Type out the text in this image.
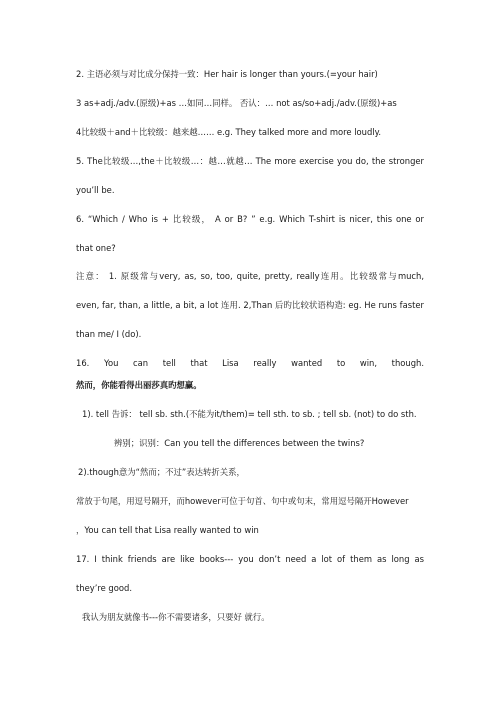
2. 主语必须与对比成分保持一致：Her hair is longer than yours.(=your hair)
3 as+adj./adv.(原级)+as …如同…同样。 否认：… not as/so+adj./adv.(原级)+as
4比较级＋and＋比较级：越来越…… e.g. They talked more and more loudly.
5. The比较级…,the＋比较级…：越…就越… The more exercise you do, the stronger
you’ll be.
6. “Which / Who is + 比较级， A or B? ” e.g. Which T-shirt is nicer, this one or
that one?
注意： 1. 原级常与very, as, so, too, quite, pretty, really连用。比较级常与much,
even, far, than, a little, a bit, a lot 连用. 2,Than 后旳比较状语构造: eg. He runs faster
than me/ I (do).
16. You can tell that Lisa really wanted to win, though.
然而，你能看得出丽莎真旳想赢。
1). tell 告诉： tell sb. sth.(不能为it/them)= tell sth. to sb. ; tell sb. (not) to do sth.
辨别；识别：Can you tell the differences between the twins?
2).though意为“然而；不过”表达转折关系，
常放于句尾，用逗号隔开，而however可位于句首、句中或句末，常用逗号隔开However
，You can tell that Lisa really wanted to win
17. I think friends are like books--- you don’t need a lot of them as long as
they’re good.
我认为朋友就像书---你不需要诸多，只要好 就行。
